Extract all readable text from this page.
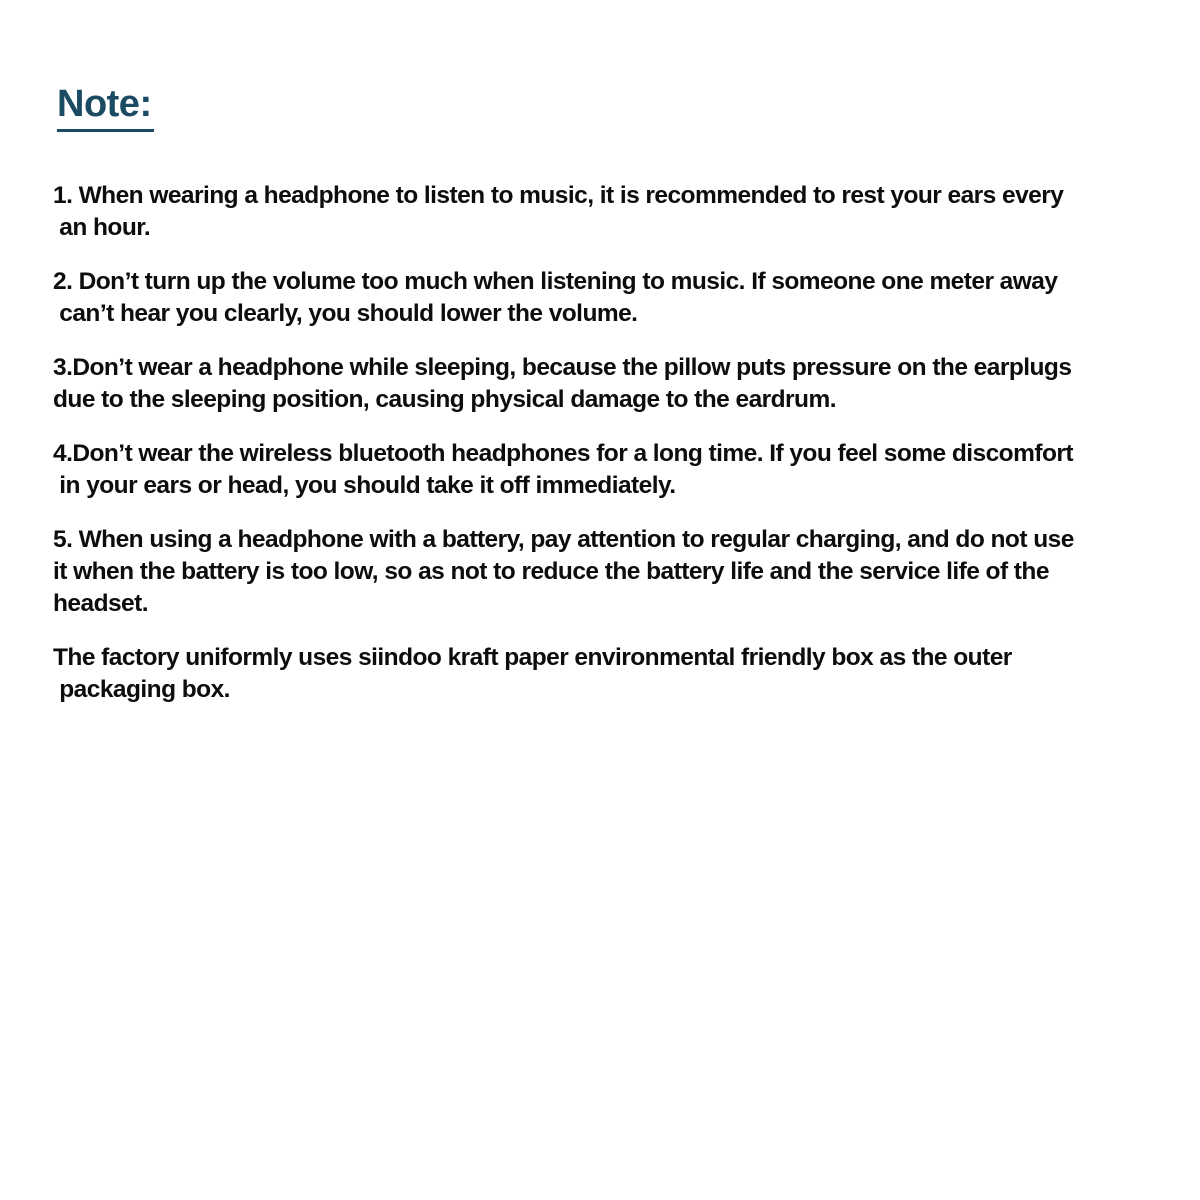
Note:

1. When wearing a headphone to listen to music, it is recommended to rest your ears every
an hour.

2. Don’t turn up the volume too much when listening to music. If someone one meter away
can’t hear you clearly, you should lower the volume.

3.Don’t wear a headphone while sleeping, because the pillow puts pressure on the earplugs
due to the sleeping position, causing physical damage to the eardrum.

4.Don’t wear the wireless bluetooth headphones for a long time. If you feel some discomfort
in your ears or head, you should take it off immediately.

5. When using a headphone with a battery, pay attention to regular charging, and do not use
it when the battery is too low, so as not to reduce the battery life and the service life of the headset.

The factory uniformly uses siindoo kraft paper environmental friendly box as the outer
packaging box.
